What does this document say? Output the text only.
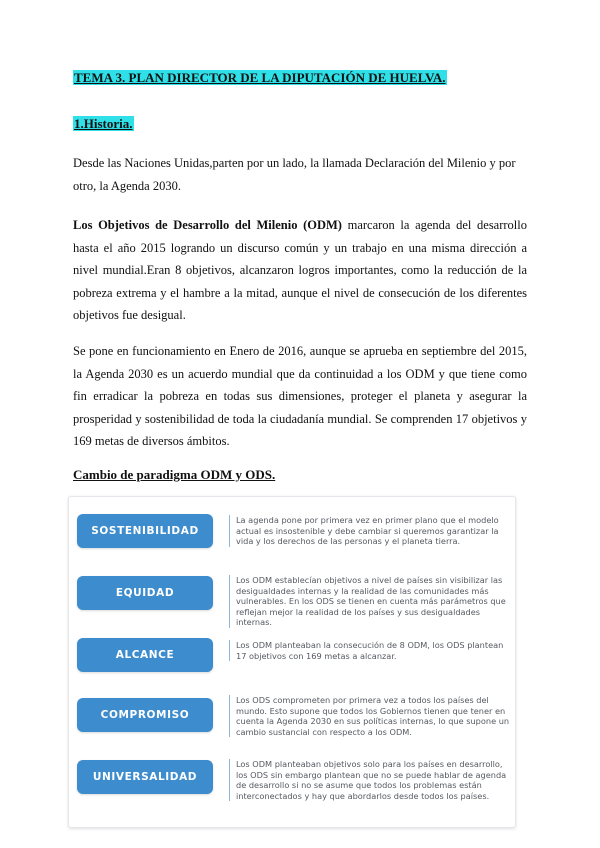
TEMA 3. PLAN DIRECTOR DE LA DIPUTACIÓN DE HUELVA.
1.Historia.

Desde las Naciones Unidas,parten por un lado, la llamada Declaración del Milenio y por otro, la Agenda 2030.

Los Objetivos de Desarrollo del Milenio (ODM) marcaron la agenda del desarrollo hasta el año 2015 logrando un discurso común y un trabajo en una misma dirección a nivel mundial.Eran 8 objetivos, alcanzaron logros importantes, como la reducción de la pobreza extrema y el hambre a la mitad, aunque el nivel de consecución de los diferentes objetivos fue desigual.

Se pone en funcionamiento en Enero de 2016, aunque se aprueba en septiembre del 2015, la Agenda 2030 es un acuerdo mundial que da continuidad a los ODM y que tiene como fin erradicar la pobreza en todas sus dimensiones, proteger el planeta y asegurar la prosperidad y sostenibilidad de toda la ciudadanía mundial. Se comprenden 17 objetivos y 169 metas de diversos ámbitos.

Cambio de paradigma ODM y ODS.
SOSTENIBILIDAD
La agenda pone por primera vez en primer plano que el modelo actual es insostenible y debe cambiar si queremos garantizar la vida y los derechos de las personas y el planeta tierra.
EQUIDAD
Los ODM establecían objetivos a nivel de países sin visibilizar las desigualdades internas y la realidad de las comunidades más vulnerables. En los ODS se tienen en cuenta más parámetros que reflejan mejor la realidad de los países y sus desigualdades internas.
ALCANCE
Los ODM planteaban la consecución de 8 ODM, los ODS plantean 17 objetivos con 169 metas a alcanzar.
COMPROMISO
Los ODS comprometen por primera vez a todos los países del mundo. Esto supone que todos los Gobiernos tienen que tener en cuenta la Agenda 2030 en sus políticas internas, lo que supone un cambio sustancial con respecto a los ODM.
UNIVERSALIDAD
Los ODM planteaban objetivos solo para los países en desarrollo, los ODS sin embargo plantean que no se puede hablar de agenda de desarrollo si no se asume que todos los problemas están interconectados y hay que abordarlos desde todos los países.
